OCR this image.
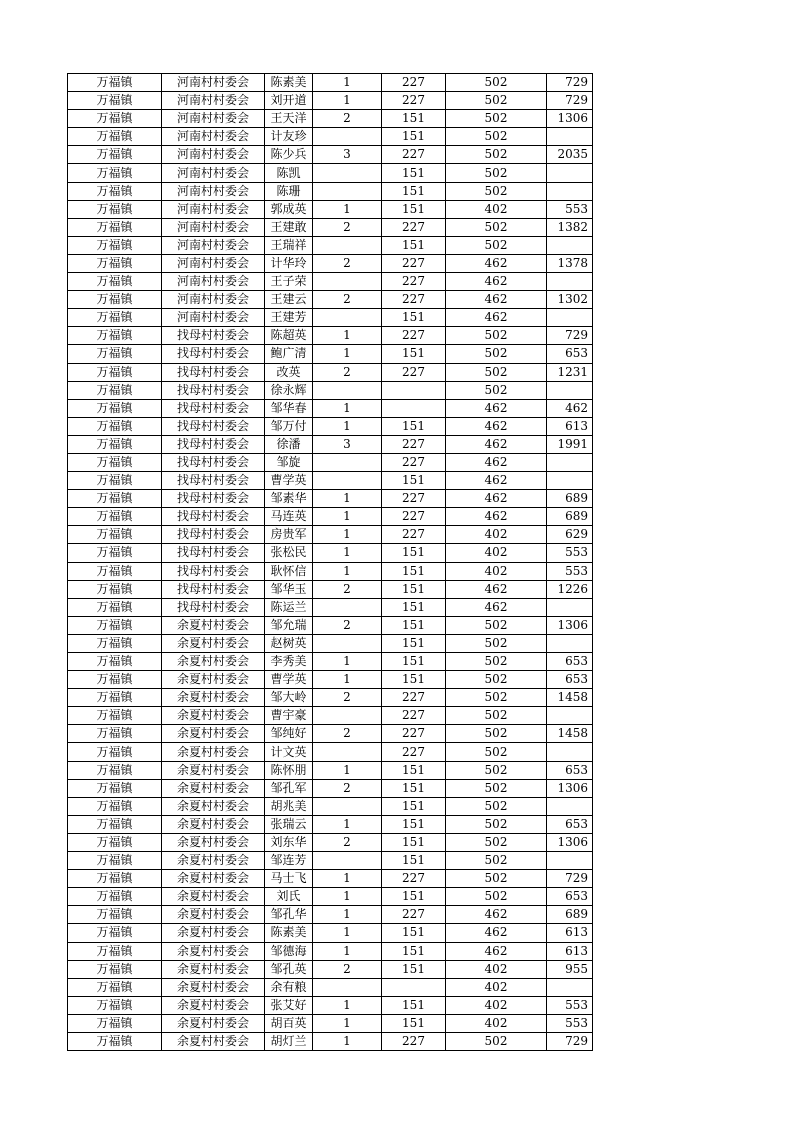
万福镇	河南村村委会	陈素美	1	227	502	729
万福镇	河南村村委会	刘开道	1	227	502	729
万福镇	河南村村委会	王天洋	2	151	502	1306
万福镇	河南村村委会	计友珍		151	502	
万福镇	河南村村委会	陈少兵	3	227	502	2035
万福镇	河南村村委会	陈凯		151	502	
万福镇	河南村村委会	陈珊		151	502	
万福镇	河南村村委会	郭成英	1	151	402	553
万福镇	河南村村委会	王建敢	2	227	502	1382
万福镇	河南村村委会	王瑞祥		151	502	
万福镇	河南村村委会	计华玲	2	227	462	1378
万福镇	河南村村委会	王子荣		227	462	
万福镇	河南村村委会	王建云	2	227	462	1302
万福镇	河南村村委会	王建芳		151	462	
万福镇	找母村村委会	陈超英	1	227	502	729
万福镇	找母村村委会	鲍广清	1	151	502	653
万福镇	找母村村委会	改英	2	227	502	1231
万福镇	找母村村委会	徐永辉			502	
万福镇	找母村村委会	邹华春	1		462	462
万福镇	找母村村委会	邹万付	1	151	462	613
万福镇	找母村村委会	徐潘	3	227	462	1991
万福镇	找母村村委会	邹旋		227	462	
万福镇	找母村村委会	曹学英		151	462	
万福镇	找母村村委会	邹素华	1	227	462	689
万福镇	找母村村委会	马连英	1	227	462	689
万福镇	找母村村委会	房贵军	1	227	402	629
万福镇	找母村村委会	张松民	1	151	402	553
万福镇	找母村村委会	耿怀信	1	151	402	553
万福镇	找母村村委会	邹华玉	2	151	462	1226
万福镇	找母村村委会	陈运兰		151	462	
万福镇	余夏村村委会	邹允瑞	2	151	502	1306
万福镇	余夏村村委会	赵树英		151	502	
万福镇	余夏村村委会	李秀美	1	151	502	653
万福镇	余夏村村委会	曹学英	1	151	502	653
万福镇	余夏村村委会	邹大岭	2	227	502	1458
万福镇	余夏村村委会	曹宇豪		227	502	
万福镇	余夏村村委会	邹纯好	2	227	502	1458
万福镇	余夏村村委会	计文英		227	502	
万福镇	余夏村村委会	陈怀朋	1	151	502	653
万福镇	余夏村村委会	邹孔军	2	151	502	1306
万福镇	余夏村村委会	胡兆美		151	502	
万福镇	余夏村村委会	张瑞云	1	151	502	653
万福镇	余夏村村委会	刘东华	2	151	502	1306
万福镇	余夏村村委会	邹连芳		151	502	
万福镇	余夏村村委会	马士飞	1	227	502	729
万福镇	余夏村村委会	刘氏	1	151	502	653
万福镇	余夏村村委会	邹孔华	1	227	462	689
万福镇	余夏村村委会	陈素美	1	151	462	613
万福镇	余夏村村委会	邹德海	1	151	462	613
万福镇	余夏村村委会	邹孔英	2	151	402	955
万福镇	余夏村村委会	余有粮			402	
万福镇	余夏村村委会	张艾好	1	151	402	553
万福镇	余夏村村委会	胡百英	1	151	402	553
万福镇	余夏村村委会	胡灯兰	1	227	502	729
